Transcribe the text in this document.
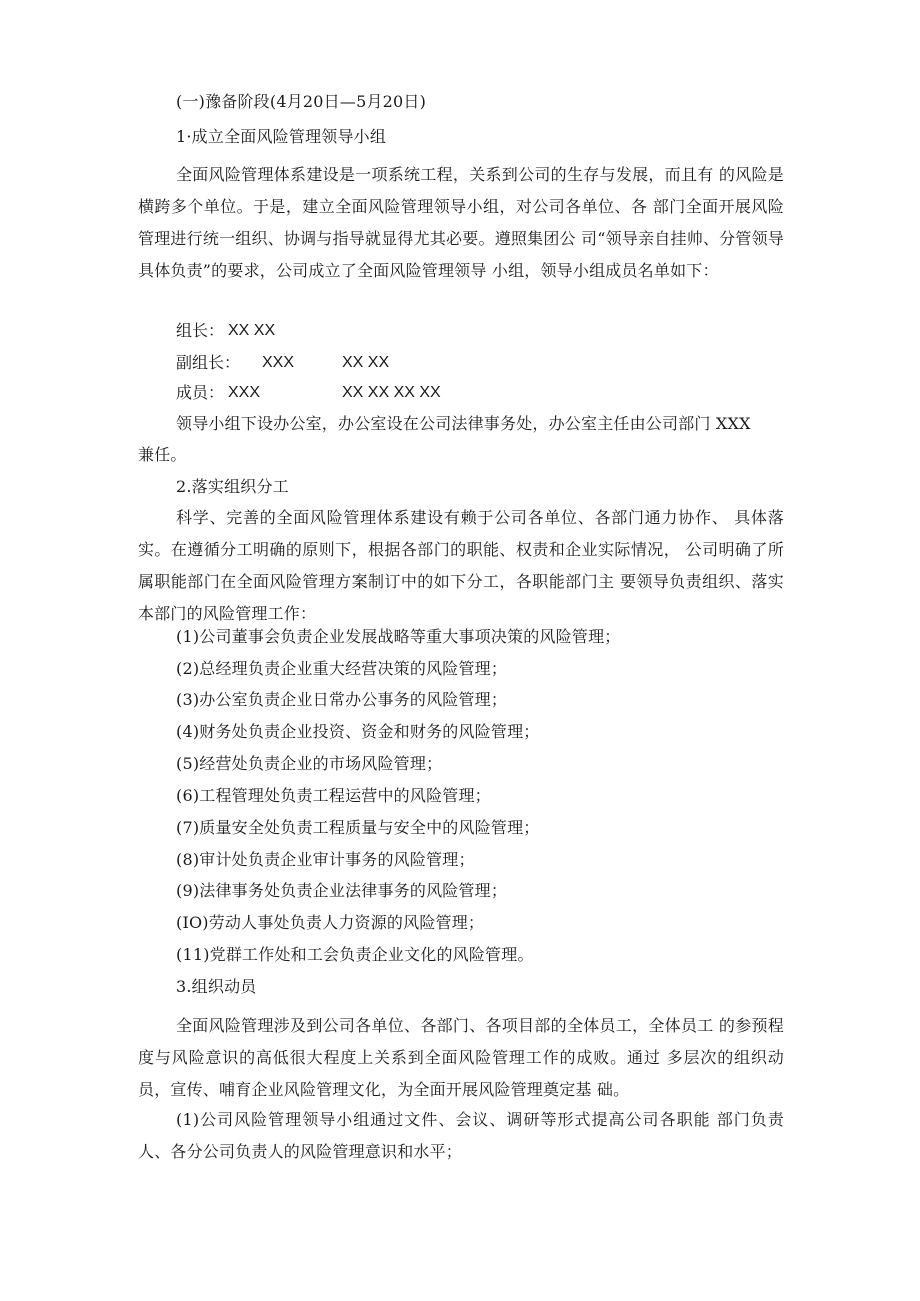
(一)豫备阶段(4月20日—5月20日)
1·成立全面风险管理领导小组
全面风险管理体系建设是一项系统工程，关系到公司的生存与发展，而且有 的风险是横跨多个单位。于是，建立全面风险管理领导小组，对公司各单位、各 部门全面开展风险管理进行统一组织、协调与指导就显得尤其必要。遵照集团公 司“领导亲自挂帅、分管领导具体负责”的要求，公司成立了全面风险管理领导 小组，领导小组成员名单如下：
组长： XX XX
副组长： XXX	XX XX
成员： XXX	XX XX XX XX
领导小组下设办公室，办公室设在公司法律事务处，办公室主任由公司部门 XXX
兼任。
2.落实组织分工
科学、完善的全面风险管理体系建设有赖于公司各单位、各部门通力协作、 具体落实。在遵循分工明确的原则下，根据各部门的职能、权责和企业实际情况， 公司明确了所属职能部门在全面风险管理方案制订中的如下分工，各职能部门主 要领导负责组织、落实本部门的风险管理工作：
(1)公司董事会负责企业发展战略等重大事项决策的风险管理；
(2)总经理负责企业重大经营决策的风险管理；
(3)办公室负责企业日常办公事务的风险管理；
(4)财务处负责企业投资、资金和财务的风险管理；
(5)经营处负责企业的市场风险管理；
(6)工程管理处负责工程运营中的风险管理；
(7)质量安全处负责工程质量与安全中的风险管理；
(8)审计处负责企业审计事务的风险管理；
(9)法律事务处负责企业法律事务的风险管理；
(IO)劳动人事处负责人力资源的风险管理；
(11)党群工作处和工会负责企业文化的风险管理。
3.组织动员
全面风险管理涉及到公司各单位、各部门、各项目部的全体员工，全体员工 的参预程度与风险意识的高低很大程度上关系到全面风险管理工作的成败。通过 多层次的组织动员，宣传、哺育企业风险管理文化，为全面开展风险管理奠定基 础。
(1)公司风险管理领导小组通过文件、会议、调研等形式提高公司各职能 部门负责人、各分公司负责人的风险管理意识和水平；
